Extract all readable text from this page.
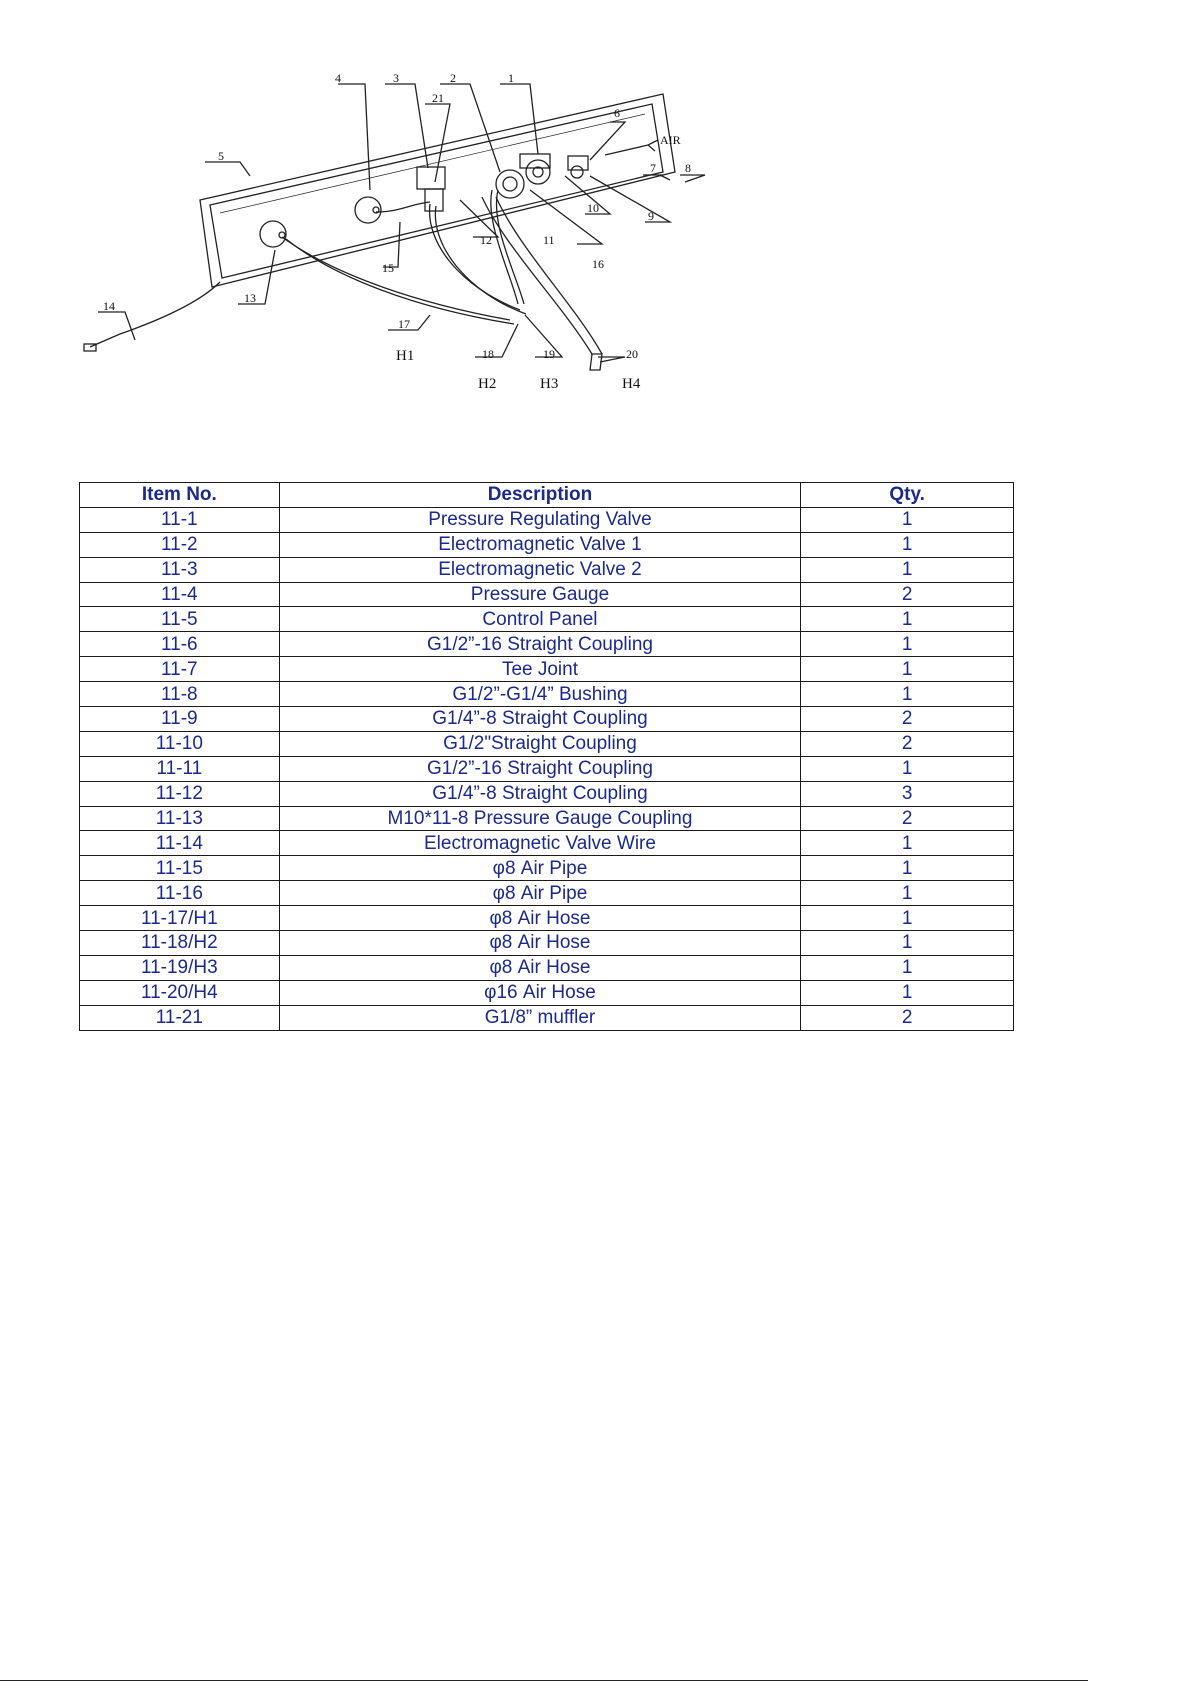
1
2
3
4
5
6
7 8
9
10
11
12
13
14
15	16
17
18	19	20
21
AIR
H1
H2	H3	H4
Item No.	Description	Qty.
11-1	Pressure Regulating Valve	1
11-2	Electromagnetic Valve 1	1
11-3	Electromagnetic Valve 2	1
11-4	Pressure Gauge	2
11-5	Control Panel	1
11-6	G1/2”-16 Straight Coupling	1
11-7	Tee Joint	1
11-8	G1/2”-G1/4” Bushing	1
11-9	G1/4”-8 Straight Coupling	2
11-10	G1/2"Straight Coupling	2
11-11	G1/2”-16 Straight Coupling	1
11-12	G1/4”-8 Straight Coupling	3
11-13	M10*11-8 Pressure Gauge Coupling	2
11-14	Electromagnetic Valve Wire	1
11-15	φ8 Air Pipe	1
11-16	φ8 Air Pipe	1
11-17/H1	φ8 Air Hose	1
11-18/H2	φ8 Air Hose	1
11-19/H3	φ8 Air Hose	1
11-20/H4	φ16 Air Hose	1
11-21	G1/8” muffler	2
